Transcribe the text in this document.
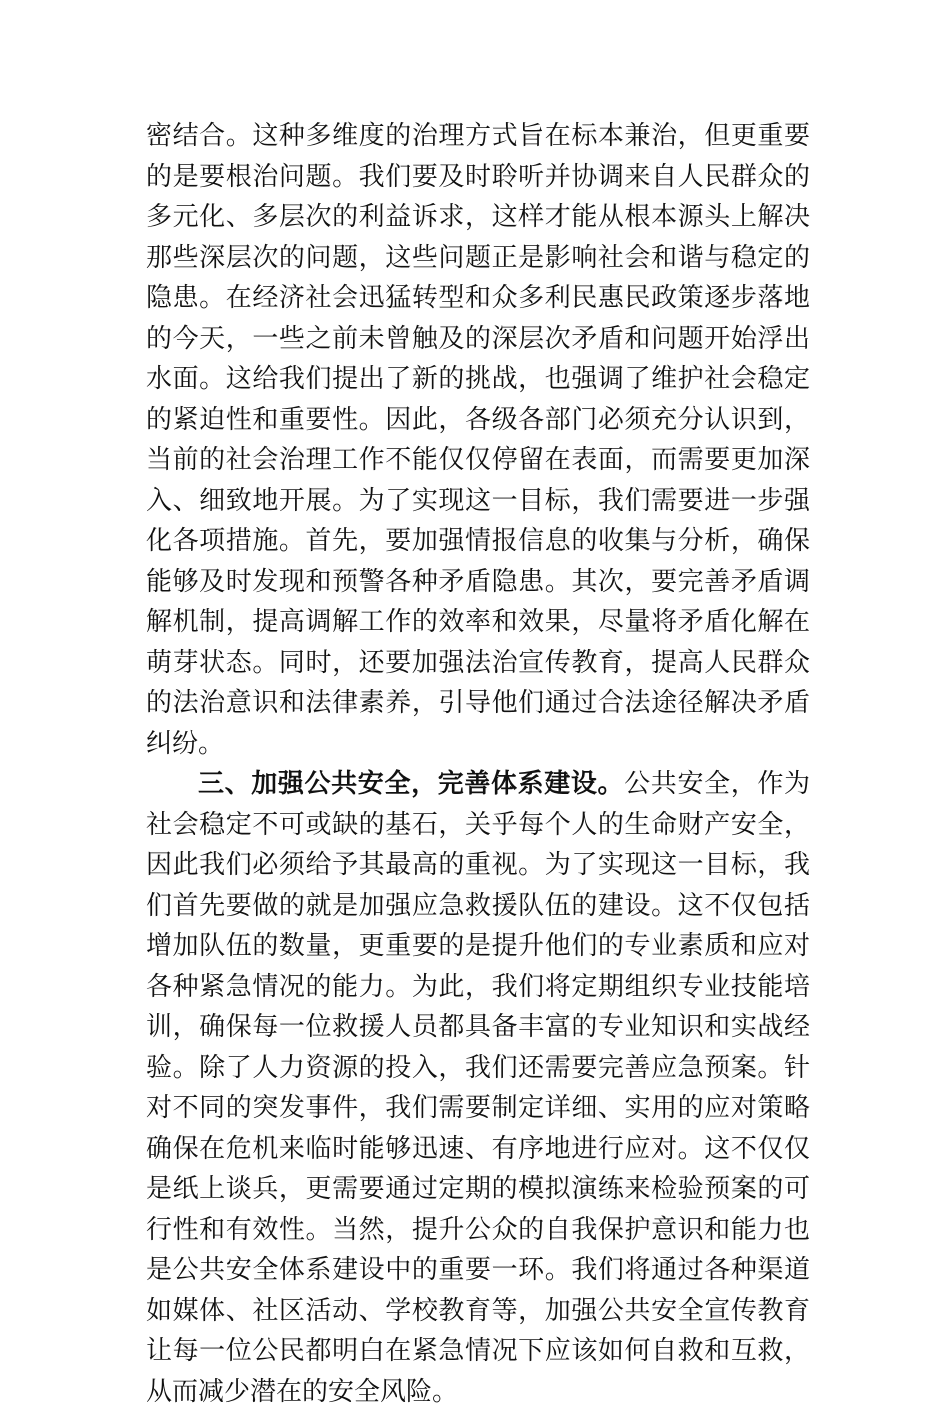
密结合。这种多维度的治理方式旨在标本兼治，但更重要
的是要根治问题。我们要及时聆听并协调来自人民群众的
多元化、多层次的利益诉求，这样才能从根本源头上解决
那些深层次的问题，这些问题正是影响社会和谐与稳定的
隐患。在经济社会迅猛转型和众多利民惠民政策逐步落地
的今天，一些之前未曾触及的深层次矛盾和问题开始浮出
水面。这给我们提出了新的挑战，也强调了维护社会稳定
的紧迫性和重要性。因此，各级各部门必须充分认识到，
当前的社会治理工作不能仅仅停留在表面，而需要更加深
入、细致地开展。为了实现这一目标，我们需要进一步强
化各项措施。首先，要加强情报信息的收集与分析，确保
能够及时发现和预警各种矛盾隐患。其次，要完善矛盾调
解机制，提高调解工作的效率和效果，尽量将矛盾化解在
萌芽状态。同时，还要加强法治宣传教育，提高人民群众
的法治意识和法律素养，引导他们通过合法途径解决矛盾
纠纷。
三、加强公共安全，完善体系建设。公共安全，作为
社会稳定不可或缺的基石，关乎每个人的生命财产安全，
因此我们必须给予其最高的重视。为了实现这一目标，我
们首先要做的就是加强应急救援队伍的建设。这不仅包括
增加队伍的数量，更重要的是提升他们的专业素质和应对
各种紧急情况的能力。为此，我们将定期组织专业技能培
训，确保每一位救援人员都具备丰富的专业知识和实战经
验。除了人力资源的投入，我们还需要完善应急预案。针
对不同的突发事件，我们需要制定详细、实用的应对策略
确保在危机来临时能够迅速、有序地进行应对。这不仅仅
是纸上谈兵，更需要通过定期的模拟演练来检验预案的可
行性和有效性。当然，提升公众的自我保护意识和能力也
是公共安全体系建设中的重要一环。我们将通过各种渠道
如媒体、社区活动、学校教育等，加强公共安全宣传教育
让每一位公民都明白在紧急情况下应该如何自救和互救，
从而减少潜在的安全风险。
